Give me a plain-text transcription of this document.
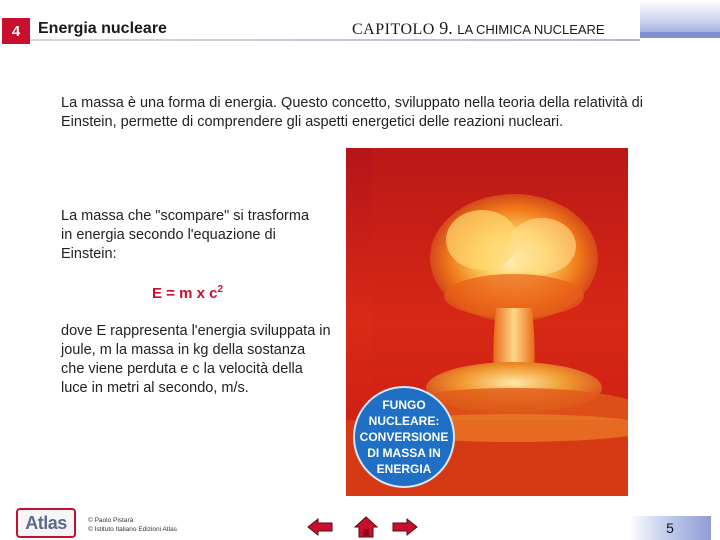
4	Energia nucleare	CAPITOLO 9. LA CHIMICA NUCLEARE
La massa è una forma di energia. Questo concetto, sviluppato nella teoria della relatività di Einstein, permette di comprendere gli aspetti energetici delle reazioni nucleari.
La massa che "scompare" si trasforma in energia secondo l'equazione di Einstein:
E = m x $c^2$
dove E rappresenta l'energia sviluppata in joule, m la massa in kg della sostanza che viene perduta e c la velocità della luce in metri al secondo, m/s.
FUNGO NUCLEARE: CONVERSIONE DI MASSA IN ENERGIA
Atlas	© Paolo Pistarà
© Istituto Italiano Edizioni Atlas	5
